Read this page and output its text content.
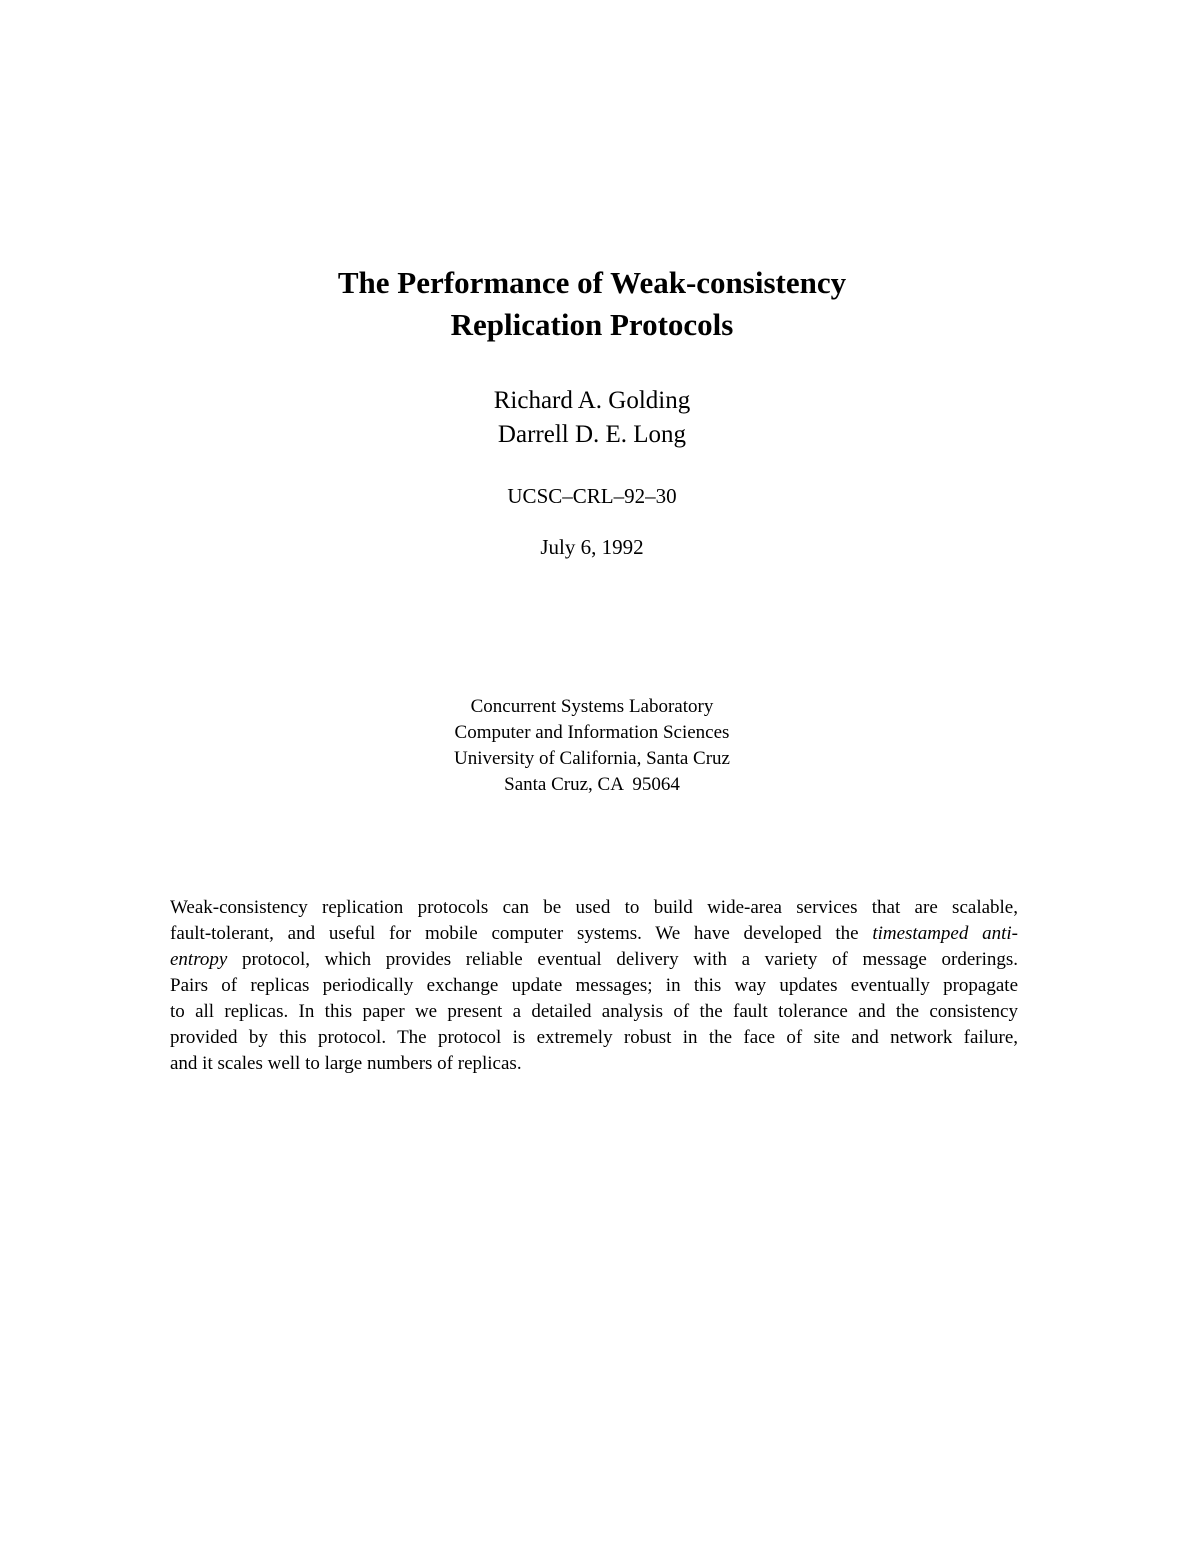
The Performance of Weak-consistency

Replication Protocols

Richard A. Golding
Darrell D. E. Long
UCSC–CRL–92–30
July 6, 1992
Concurrent Systems Laboratory
Computer and Information Sciences
University of California, Santa Cruz
Santa Cruz, CA  95064

Weak-consistency replication protocols can be used to build wide-area services that are scalable,
fault-tolerant, and useful for mobile computer systems. We have developed the timestamped anti-
entropy protocol, which provides reliable eventual delivery with a variety of message orderings.
Pairs of replicas periodically exchange update messages; in this way updates eventually propagate
to all replicas. In this paper we present a detailed analysis of the fault tolerance and the consistency
provided by this protocol. The protocol is extremely robust in the face of site and network failure,
and it scales well to large numbers of replicas.
